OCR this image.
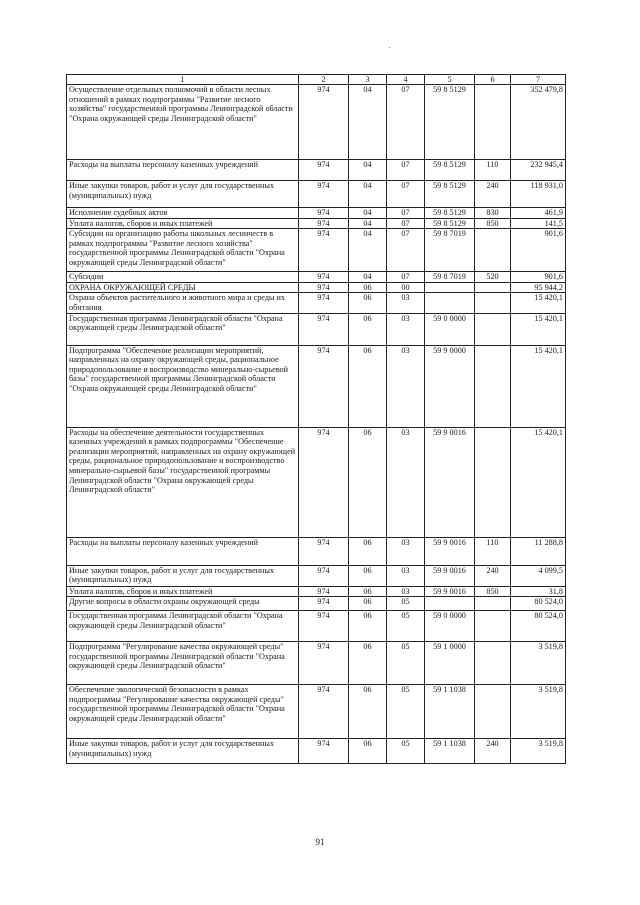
1	2	3	4	5	6	7
Осуществление отдельных полномочий в области лесных отношений в рамках подпрограммы "Развитие лесного хозяйства" государственной программы Ленинградской области "Охрана окружающей среды Ленинградской области"	974	04	07	59 8 5129		352 479,8
Расходы на выплаты персоналу казенных учреждений	974	04	07	59 8 5129	110	232 945,4
Иные закупки товаров, работ и услуг для государственных (муниципальных) нужд	974	04	07	59 8 5129	240	118 931,0
Исполнение судебных актов	974	04	07	59 8 5129	830	461,9
Уплата налогов, сборов и иных платежей	974	04	07	59 8 5129	850	141,5
Субсидии на организацию работы школьных лесничеств в рамках подпрограммы "Развитие лесного хозяйства" государственной программы Ленинградской области "Охрана окружающей среды Ленинградской области"	974	04	07	59 8 7019		901,6
Субсидии	974	04	07	59 8 7019	520	901,6
ОХРАНА ОКРУЖАЮЩЕЙ СРЕДЫ	974	06	00			95 944,2
Охрана объектов растительного и животного мира и среды их обитания	974	06	03			15 420,1
Государственная программа Ленинградской области "Охрана окружающей среды Ленинградской области"	974	06	03	59 0 0000		15 420,1
Подпрограмма "Обеспечение реализации мероприятий, направленных на охрану окружающей среды, рациональное природопользование и воспроизводство минерально-сырьевой базы" государственной программы Ленинградской области "Охрана окружающей среды Ленинградской области"	974	06	03	59 9 0000		15 420,1
Расходы на обеспечение деятельности государственных казенных учреждений в рамках подпрограммы "Обеспечение реализации мероприятий, направленных на охрану окружающей среды, рациональное природопользование и воспроизводство минерально-сырьевой базы" государственной программы Ленинградской области "Охрана окружающей среды Ленинградской области"	974	06	03	59 9 0016		15 420,1
Расходы на выплаты персоналу казенных учреждений	974	06	03	59 9 0016	110	11 288,8
Иные закупки товаров, работ и услуг для государственных (муниципальных) нужд	974	06	03	59 9 0016	240	4 099,5
Уплата налогов, сборов и иных платежей	974	06	03	59 9 0016	850	31,8
Другие вопросы в области охраны окружающей среды	974	06	05			80 524,0
Государственная программа Ленинградской области "Охрана окружающей среды Ленинградской области"	974	06	05	59 0 0000		80 524,0
Подпрограмма "Регулирование качества окружающей среды" государственной программы Ленинградской области "Охрана окружающей среды Ленинградской области"	974	06	05	59 1 0000		3 519,8
Обеспечение экологической безопасности в рамках подпрограммы "Регулирование качества окружающей среды" государственной программы Ленинградской области "Охрана окружающей среды Ленинградской области"	974	06	05	59 1 1038		3 519,8
Иные закупки товаров, работ и услуг для государственных (муниципальных) нужд	974	06	05	59 1 1038	240	3 519,8
91
